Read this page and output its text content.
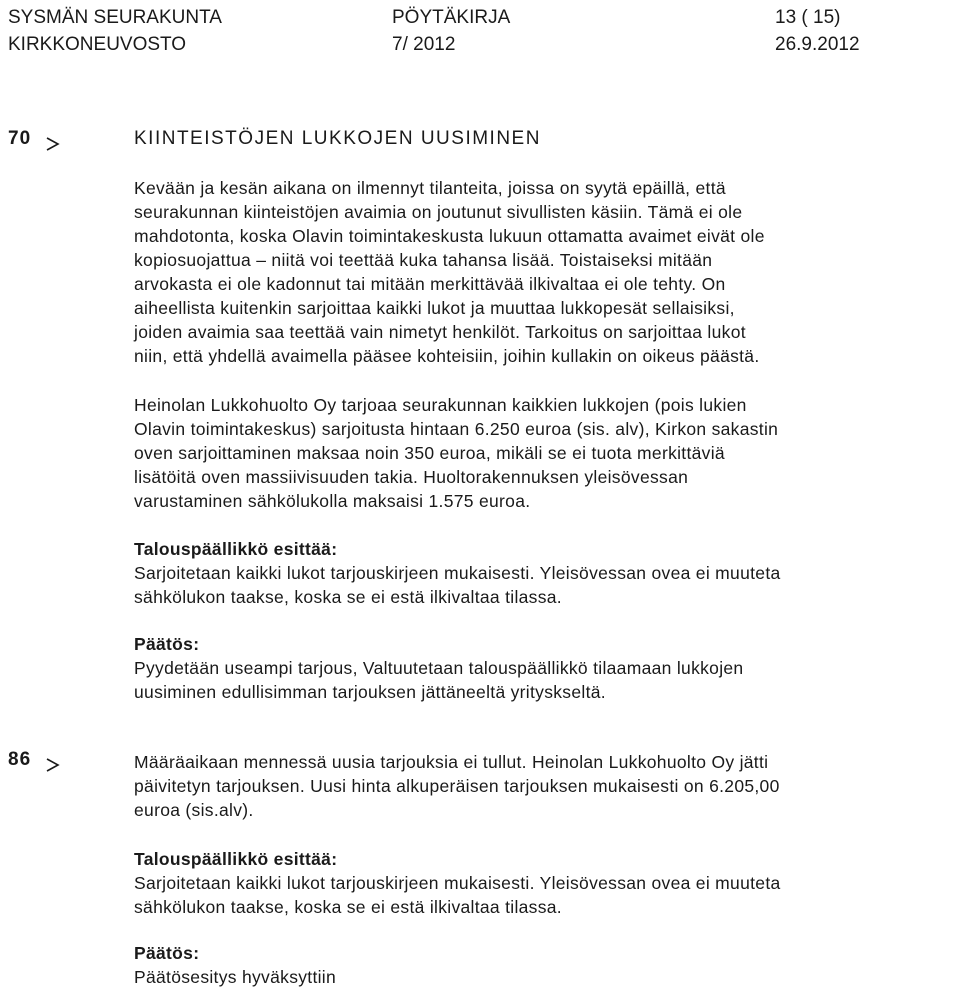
SYSMÄN SEURAKUNTA	PÖYTÄKIRJA	13 ( 15)
KIRKKONEUVOSTO	7/ 2012	26.9.2012
70	KIINTEISTÖJEN LUKKOJEN UUSIMINEN
Kevään ja kesän aikana on ilmennyt tilanteita, joissa on syytä epäillä, että
seurakunnan kiinteistöjen avaimia on joutunut sivullisten käsiin. Tämä ei ole
mahdotonta, koska Olavin toimintakeskusta lukuun ottamatta avaimet eivät ole
kopiosuojattua – niitä voi teettää kuka tahansa lisää. Toistaiseksi mitään
arvokasta ei ole kadonnut tai mitään merkittävää ilkivaltaa ei ole tehty. On
aiheellista kuitenkin sarjoittaa kaikki lukot ja muuttaa lukkopesät sellaisiksi,
joiden avaimia saa teettää vain nimetyt henkilöt. Tarkoitus on sarjoittaa lukot
niin, että yhdellä avaimella pääsee kohteisiin, joihin kullakin on oikeus päästä.
Heinolan Lukkohuolto Oy tarjoaa seurakunnan kaikkien lukkojen (pois lukien
Olavin toimintakeskus) sarjoitusta hintaan 6.250 euroa (sis. alv), Kirkon sakastin
oven sarjoittaminen maksaa noin 350 euroa, mikäli se ei tuota merkittäviä
lisätöitä oven massiivisuuden takia. Huoltorakennuksen yleisövessan
varustaminen sähkölukolla maksaisi 1.575 euroa.
Talouspäällikkö esittää:
Sarjoitetaan kaikki lukot tarjouskirjeen mukaisesti. Yleisövessan ovea ei muuteta
sähkölukon taakse, koska se ei estä ilkivaltaa tilassa.
Päätös:
Pyydetään useampi tarjous, Valtuutetaan talouspäällikkö tilaamaan lukkojen
uusiminen edullisimman tarjouksen jättäneeltä yrityskseltä.
86	Määräaikaan mennessä uusia tarjouksia ei tullut. Heinolan Lukkohuolto Oy jätti
päivitetyn tarjouksen. Uusi hinta alkuperäisen tarjouksen mukaisesti on 6.205,00
euroa (sis.alv).
Talouspäällikkö esittää:
Sarjoitetaan kaikki lukot tarjouskirjeen mukaisesti. Yleisövessan ovea ei muuteta
sähkölukon taakse, koska se ei estä ilkivaltaa tilassa.
Päätös:
Päätösesitys hyväksyttiin
